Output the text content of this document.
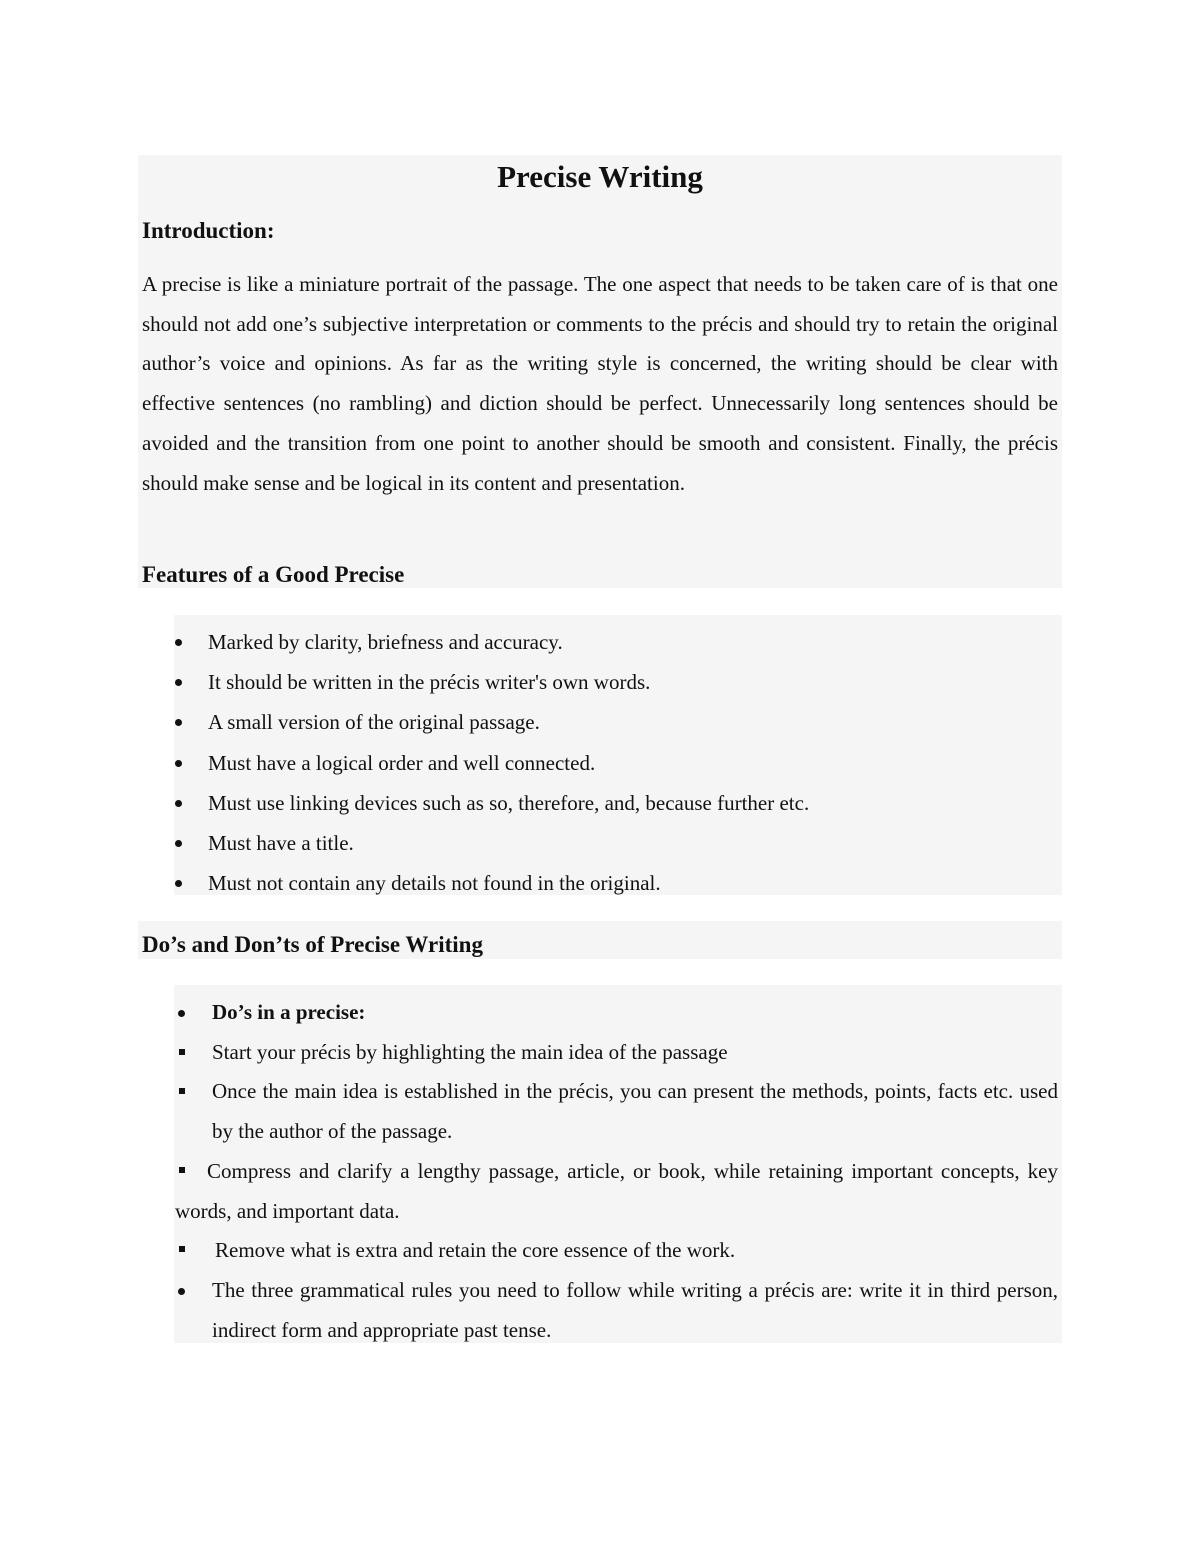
Precise Writing
Introduction:

A precise is like a miniature portrait of the passage. The one aspect that needs to be taken care of is that one should not add one’s subjective interpretation or comments to the précis and should try to retain the original author’s voice and opinions. As far as the writing style is concerned, the writing should be clear with effective sentences (no rambling) and diction should be perfect. Unnecessarily long sentences should be avoided and the transition from one point to another should be smooth and consistent. Finally, the précis should make sense and be logical in its content and presentation.

Features of a Good Precise
Marked by clarity, briefness and accuracy.
It should be written in the précis writer's own words.
A small version of the original passage.
Must have a logical order and well connected.
Must use linking devices such as so, therefore, and, because further etc.
Must have a title.
Must not contain any details not found in the original.
Do’s and Don’ts of Precise Writing
Do’s in a precise:
Start your précis by highlighting the main idea of the passage
Once the main idea is established in the précis, you can present the methods, points, facts etc. used by the author of the passage.
Compress and clarify a lengthy passage, article, or book, while retaining important concepts, key words, and important data.
Remove what is extra and retain the core essence of the work.
The three grammatical rules you need to follow while writing a précis are: write it in third person, indirect form and appropriate past tense.
